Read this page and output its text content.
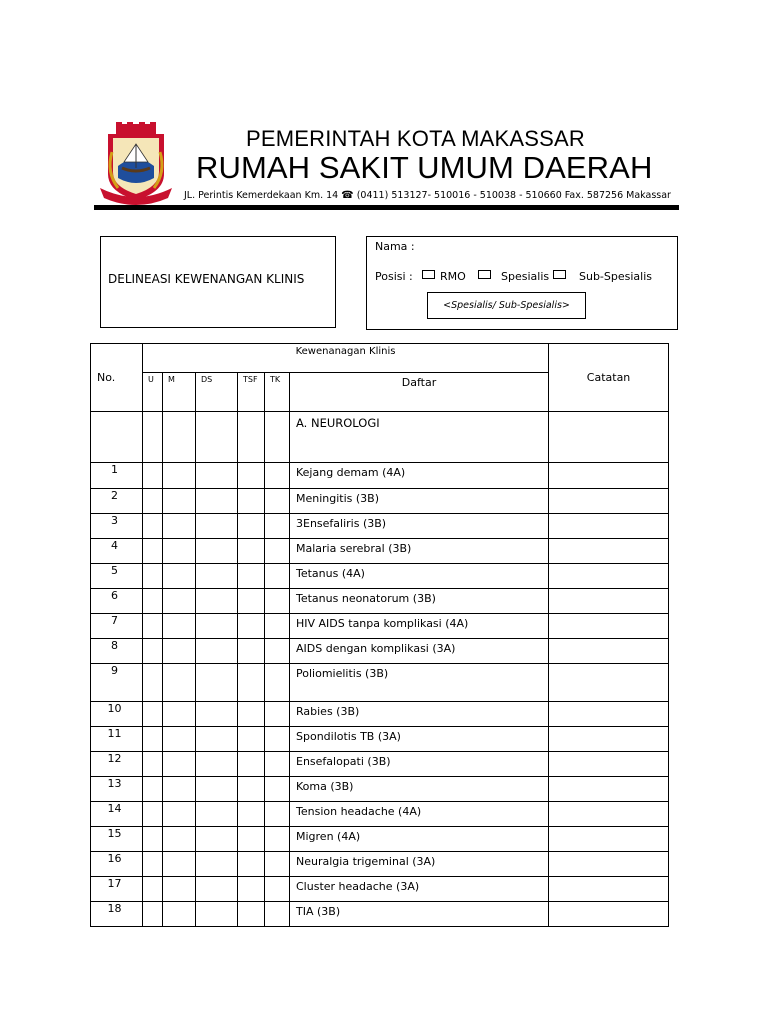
PEMERINTAH KOTA MAKASSAR
RUMAH SAKIT UMUM DAERAH
JL. Perintis Kemerdekaan Km. 14 ☎ (0411) 513127- 510016 - 510038 - 510660 Fax. 587256 Makassar
DELINEASI KEWENANGAN KLINIS
Nama :
Posisi : RMO	Spesialis	Sub-Spesialis
<Spesialis/ Sub-Spesialis>
No.	Kewenanagan Klinis						Catatan
	U	M	DS	TSF	TK	Daftar	
						A. NEUROLOGI	
1						Kejang demam (4A)	
2						Meningitis (3B)	
3						3Ensefaliris (3B)	
4						Malaria serebral (3B)	
5						Tetanus (4A)	
6						Tetanus neonatorum (3B)	
7						HIV AIDS tanpa komplikasi (4A)	
8						AIDS dengan komplikasi (3A)	
9						Poliomielitis (3B)	
10						Rabies (3B)	
11						Spondilotis TB (3A)	
12						Ensefalopati (3B)	
13						Koma (3B)	
14						Tension headache (4A)	
15						Migren (4A)	
16						Neuralgia trigeminal (3A)	
17						Cluster headache (3A)	
18						TIA (3B)	
